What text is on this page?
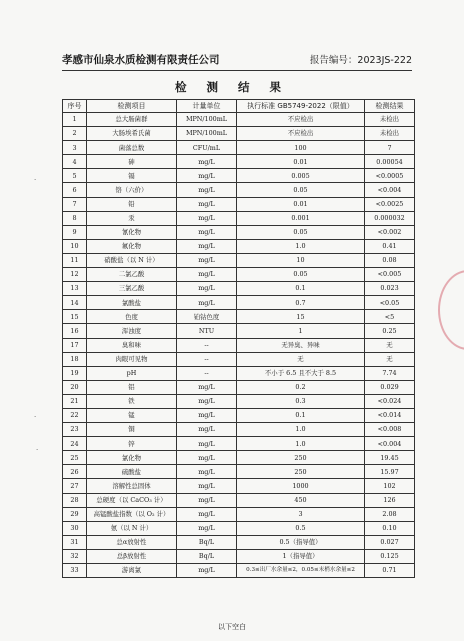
孝感市仙泉水质检测有限责任公司	报告编号：2023JS-222
检 测 结 果
序号	检测项目	计量单位	执行标准 GB5749-2022（限值）	检测结果
1	总大肠菌群	MPN/100mL	不应检出	未检出
2	大肠埃希氏菌	MPN/100mL	不应检出	未检出
3	菌落总数	CFU/mL	100	7
4	砷	mg/L	0.01	0.00054
5	镉	mg/L	0.005	<0.0005
6	铬（六价）	mg/L	0.05	<0.004
7	铅	mg/L	0.01	<0.0025
8	汞	mg/L	0.001	0.000032
9	氰化物	mg/L	0.05	<0.002
10	氟化物	mg/L	1.0	0.41
11	硝酸盐（以 N 计）	mg/L	10	0.08
12	二氯乙酸	mg/L	0.05	<0.005
13	三氯乙酸	mg/L	0.1	0.023
14	氯酸盐	mg/L	0.7	<0.05
15	色度	铂钴色度	15	<5
16	浑浊度	NTU	1	0.25
17	臭和味	--	无异臭、异味	无
18	肉眼可见物	--	无	无
19	pH	--	不小于 6.5 且不大于 8.5	7.74
20	铝	mg/L	0.2	0.029
21	铁	mg/L	0.3	<0.024
22	锰	mg/L	0.1	<0.014
23	铜	mg/L	1.0	<0.008
24	锌	mg/L	1.0	<0.004
25	氯化物	mg/L	250	19.45
26	硫酸盐	mg/L	250	15.97
27	溶解性总固体	mg/L	1000	102
28	总硬度（以 CaCO₃ 计）	mg/L	450	126
29	高锰酸盐指数（以 O₂ 计）	mg/L	3	2.08
30	氨（以 N 计）	mg/L	0.5	0.10
31	总α放射性	Bq/L	0.5（指导值）	0.027
32	总β放射性	Bq/L	1（指导值）	0.125
33	游离氯	mg/L	0.3≤出厂水余量≤2，0.05≤末梢水余量≤2	0.71
以下空白
·
·
·
